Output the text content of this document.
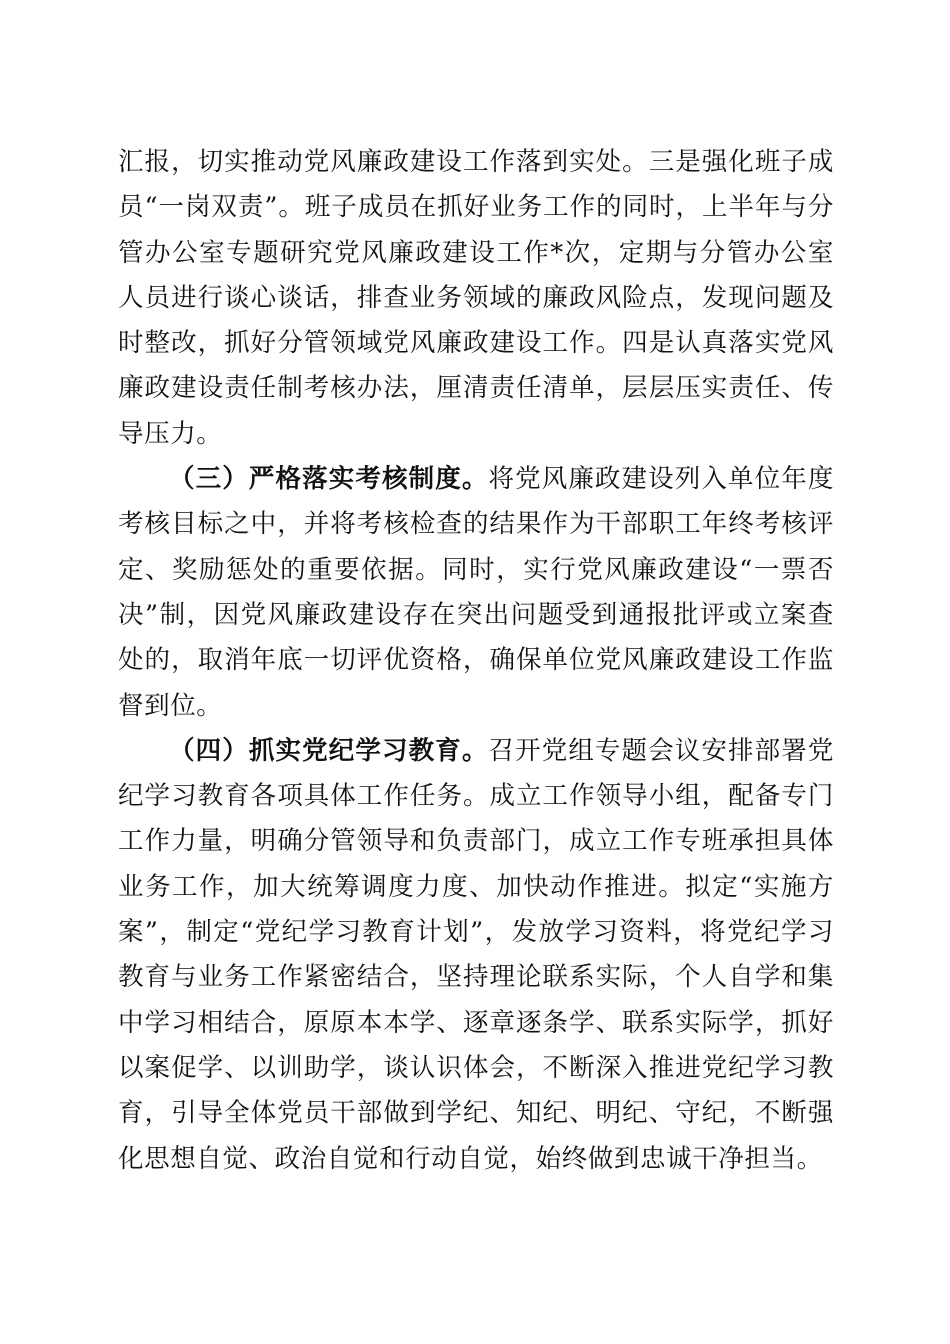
汇报，切实推动党风廉政建设工作落到实处。三是强化班子成员“一岗双责”。班子成员在抓好业务工作的同时，上半年与分管办公室专题研究党风廉政建设工作*次，定期与分管办公室人员进行谈心谈话，排查业务领域的廉政风险点，发现问题及时整改，抓好分管领域党风廉政建设工作。四是认真落实党风廉政建设责任制考核办法，厘清责任清单，层层压实责任、传导压力。

（三）严格落实考核制度。将党风廉政建设列入单位年度考核目标之中，并将考核检查的结果作为干部职工年终考核评定、奖励惩处的重要依据。同时，实行党风廉政建设“一票否决”制，因党风廉政建设存在突出问题受到通报批评或立案查处的，取消年底一切评优资格，确保单位党风廉政建设工作监督到位。

（四）抓实党纪学习教育。召开党组专题会议安排部署党纪学习教育各项具体工作任务。成立工作领导小组，配备专门工作力量，明确分管领导和负责部门，成立工作专班承担具体业务工作，加大统筹调度力度、加快动作推进。拟定“实施方案”，制定“党纪学习教育计划”，发放学习资料，将党纪学习教育与业务工作紧密结合，坚持理论联系实际，个人自学和集中学习相结合，原原本本学、逐章逐条学、联系实际学，抓好以案促学、以训助学，谈认识体会，不断深入推进党纪学习教育，引导全体党员干部做到学纪、知纪、明纪、守纪，不断强化思想自觉、政治自觉和行动自觉，始终做到忠诚干净担当。
